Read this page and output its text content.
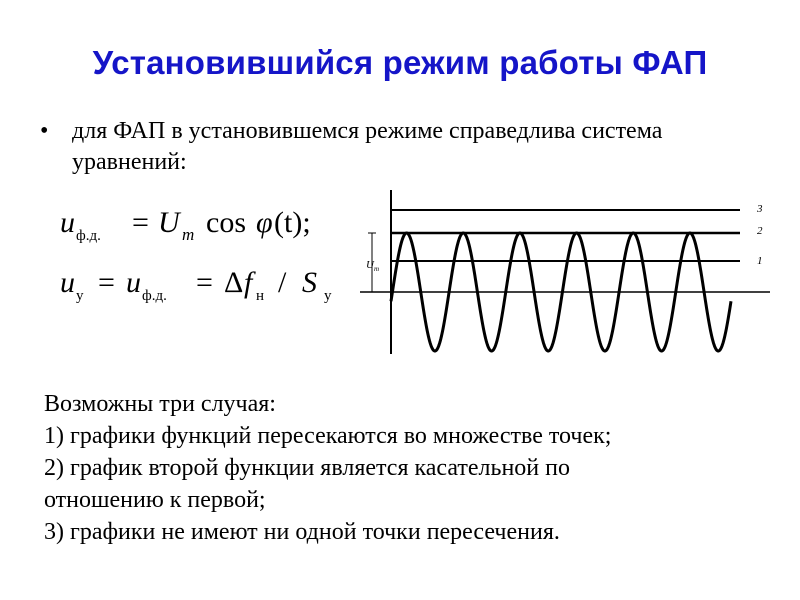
Установившийся режим работы ФАП
• для ФАП в установившемся режиме справедлива система уравнений:
u ф.д. = U m cos φ (t);
u у = u ф.д. = Δ f н / S у
$U_m$
3
2
1
Возможны три случая:
1) графики функций пересекаются во множестве точек;
2) график второй функции является касательной по
отношению к первой;
3) графики не имеют ни одной точки пересечения.
